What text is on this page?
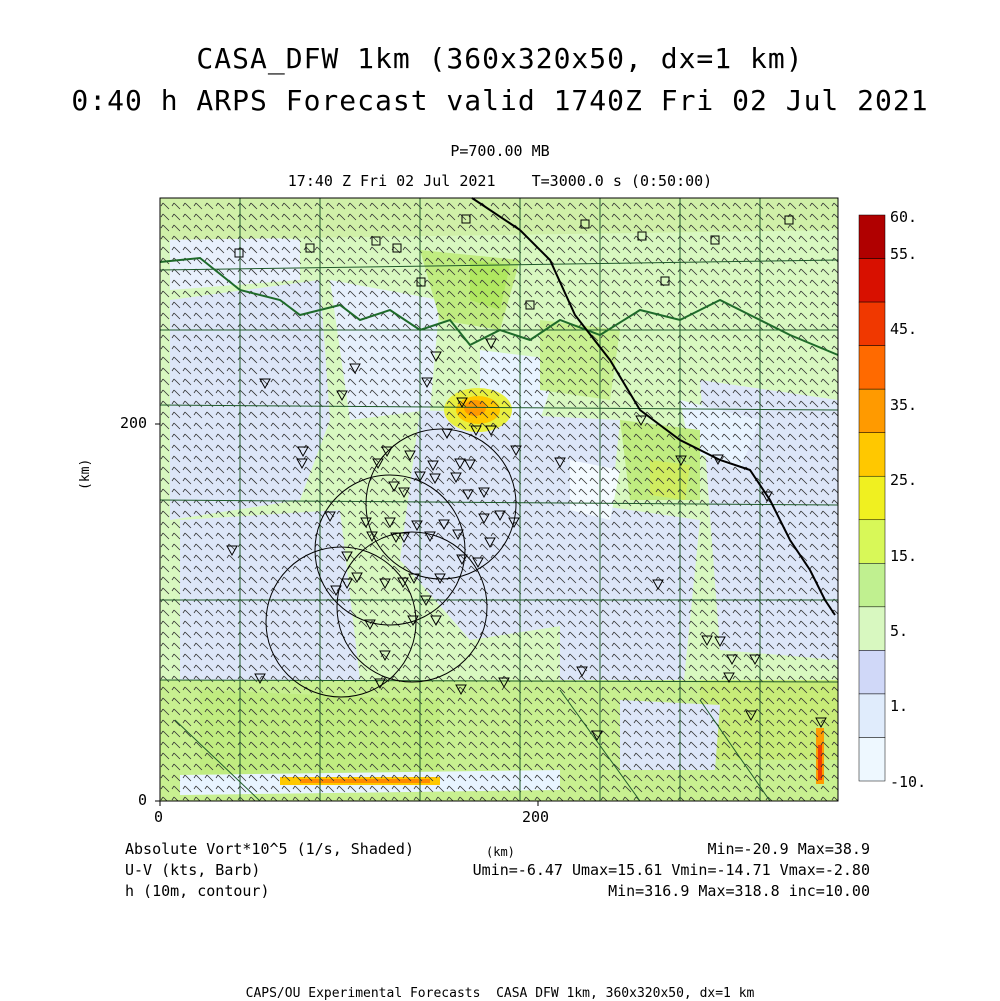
CASA_DFW 1km (360x320x50, dx=1 km)
0:40 h ARPS Forecast valid 1740Z Fri 02 Jul 2021
P=700.00 MB
17:40 Z Fri 02 Jul 2021    T=3000.0 s (0:50:00)
200
0
0	200
(km)
60.
55.
45.
35.
25.
15.
5.
1.
-10.
Absolute Vort*10^5 (1/s, Shaded)
U-V (kts, Barb)
h (10m, contour)
(km)	Min=-20.9 Max=38.9
Umin=-6.47 Umax=15.61 Vmin=-14.71 Vmax=-2.80
Min=316.9 Max=318.8 inc=10.00
CAPS/OU Experimental Forecasts  CASA DFW 1km, 360x320x50, dx=1 km
